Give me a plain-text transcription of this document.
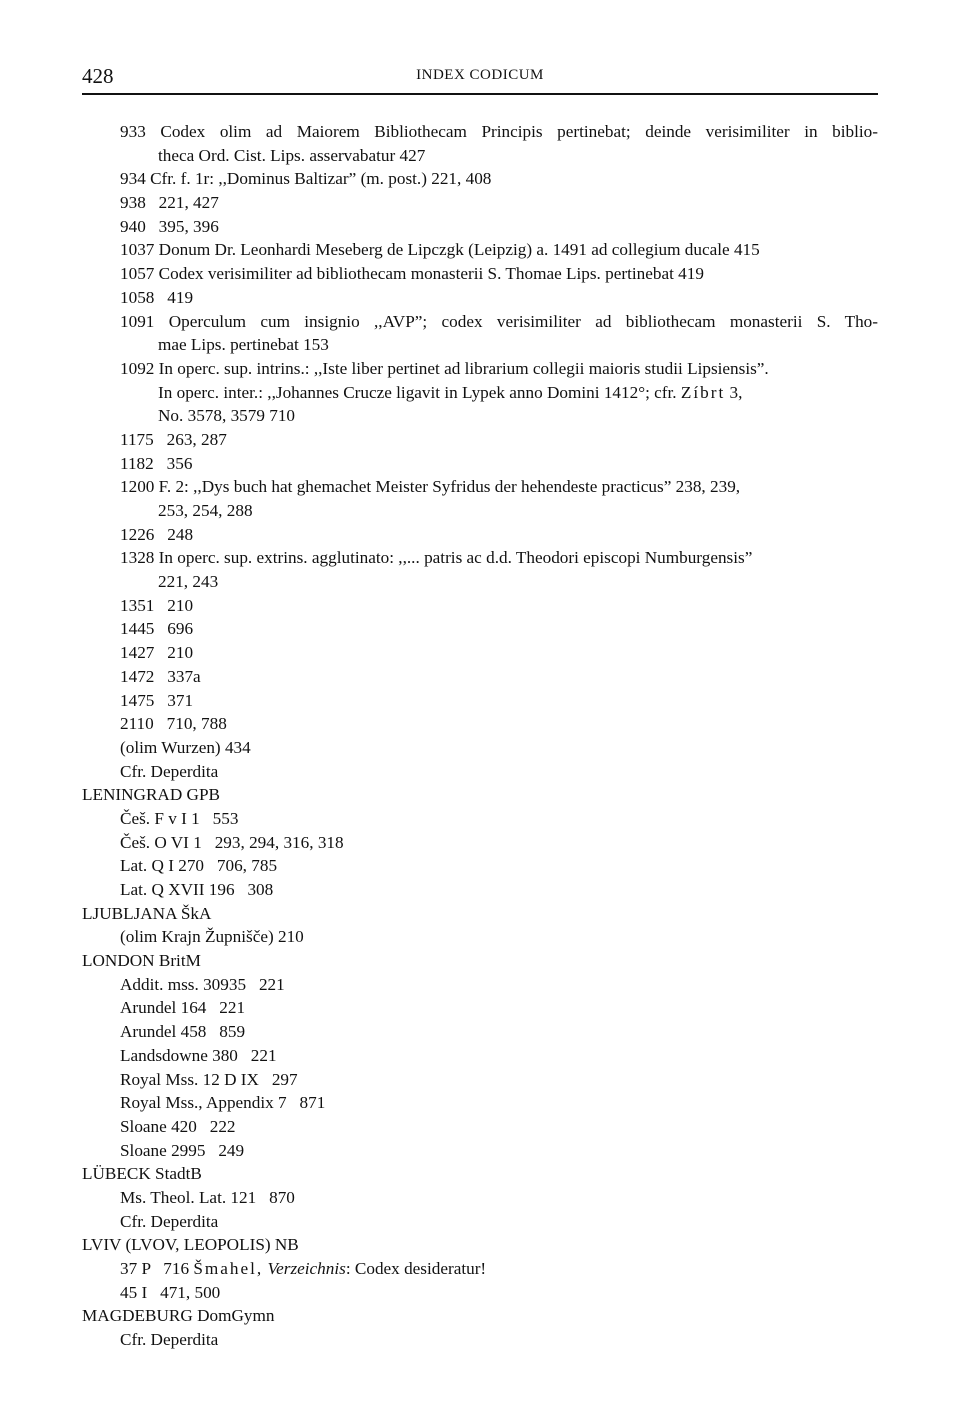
428	INDEX CODICUM
933 Codex olim ad Maiorem Bibliothecam Principis pertinebat; deinde verisimiliter in biblio-
theca Ord. Cist. Lips. asservabatur 427
934 Cfr. f. 1r: ,,Dominus Baltizar” (m. post.) 221, 408
938   221, 427
940   395, 396
1037 Donum Dr. Leonhardi Meseberg de Lipczgk (Leipzig) a. 1491 ad collegium ducale 415
1057 Codex verisimiliter ad bibliothecam monasterii S. Thomae Lips. pertinebat 419
1058   419
1091 Operculum cum insignio ,,AVP”; codex verisimiliter ad bibliothecam monasterii S. Tho-
mae Lips. pertinebat 153
1092 In operc. sup. intrins.: ,,Iste liber pertinet ad librarium collegii maioris studii Lipsiensis”.
In operc. inter.: ,,Johannes Crucze ligavit in Lypek anno Domini 1412°; cfr. Zíbrt 3,
No. 3578, 3579 710
1175   263, 287
1182   356
1200 F. 2: ,,Dys buch hat ghemachet Meister Syfridus der hehendeste practicus” 238, 239,
253, 254, 288
1226   248
1328 In operc. sup. extrins. agglutinato: ,,... patris ac d.d. Theodori episcopi Numburgensis”
221, 243
1351   210
1445   696
1427   210
1472   337a
1475   371
2110   710, 788
(olim Wurzen) 434
Cfr. Deperdita
LENINGRAD GPB
Češ. F v I 1   553
Češ. O VI 1   293, 294, 316, 318
Lat. Q I 270   706, 785
Lat. Q XVII 196   308
LJUBLJANA ŠkA
(olim Krajn Župnišče) 210
LONDON BritM
Addit. mss. 30935   221
Arundel 164   221
Arundel 458   859
Landsdowne 380   221
Royal Mss. 12 D IX   297
Royal Mss., Appendix 7   871
Sloane 420   222
Sloane 2995   249
LÜBECK StadtB
Ms. Theol. Lat. 121   870
Cfr. Deperdita
LVIV (LVOV, LEOPOLIS) NB
37 P   716 Šmahel, Verzeichnis: Codex desideratur!
45 I   471, 500
MAGDEBURG DomGymn
Cfr. Deperdita
